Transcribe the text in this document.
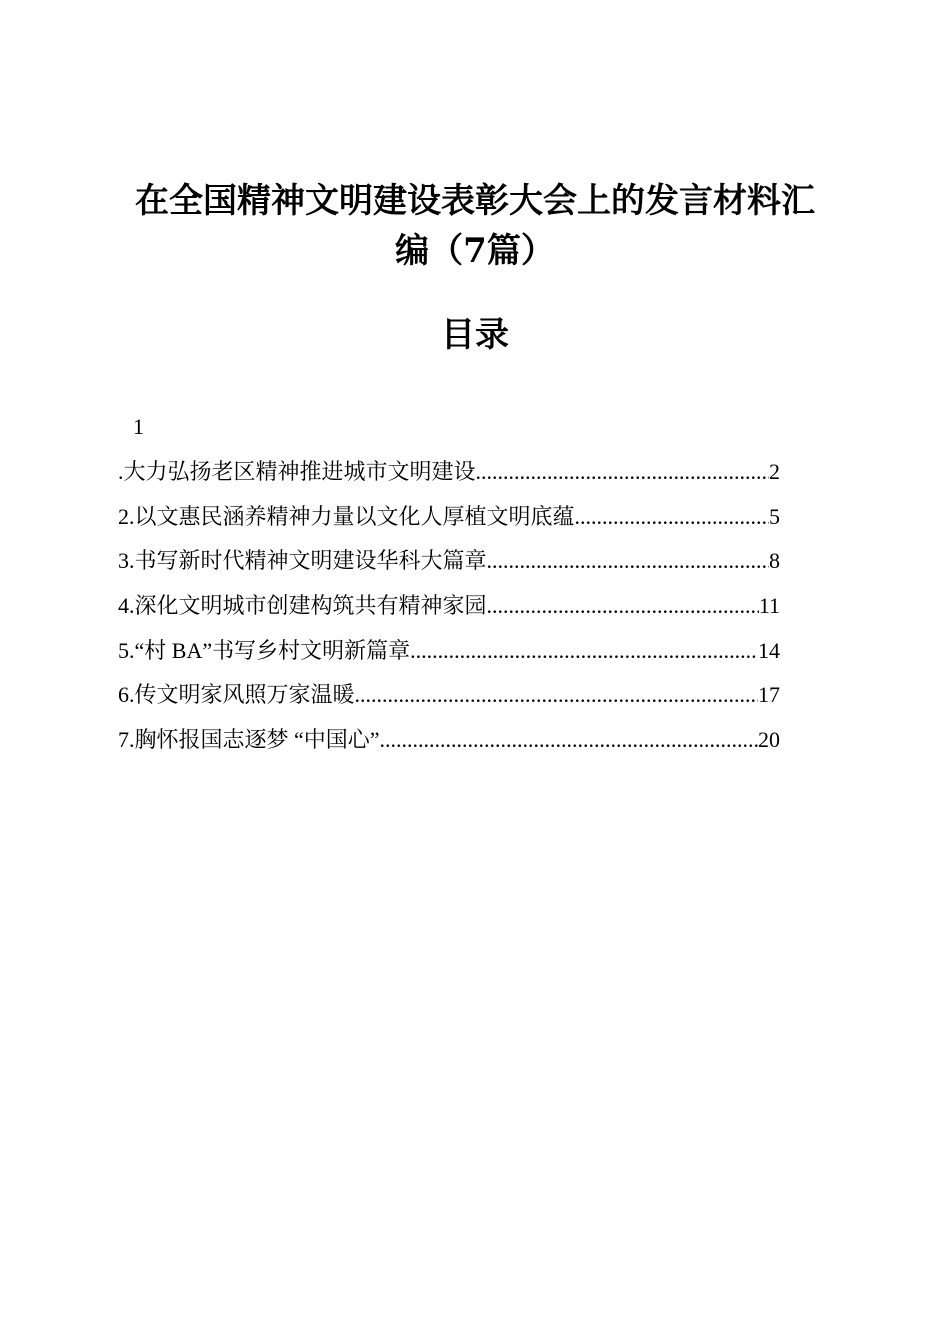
在全国精神文明建设表彰大会上的发言材料汇
编（7篇）
目录
1
.大力弘扬老区精神推进城市文明建设 .....	2
2.以文惠民涵养精神力量以文化人厚植文明底蕴 .....	5
3.书写新时代精神文明建设华科大篇章 .....	8
4.深化文明城市创建构筑共有精神家园 .....	11
5.“村 BA”书写乡村文明新篇章 .....	14
6.传文明家风照万家温暖 .....	17
7.胸怀报国志逐梦 “中国心” .....	20
